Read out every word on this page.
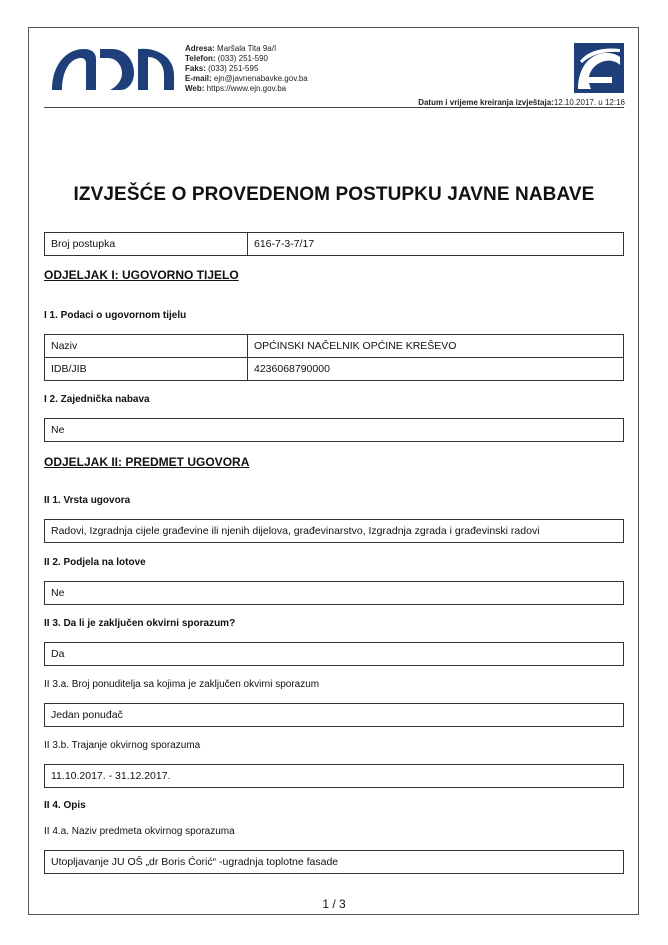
Adresa: Maršala Tita 9a/I
Telefon: (033) 251-590
Faks: (033) 251-595
E-mail: ejn@javnenabavke.gov.ba
Web: https://www.ejn.gov.ba
Datum i vrijeme kreiranja izvještaja:12.10.2017. u 12:16
IZVJEŠĆE O PROVEDENOM POSTUPKU JAVNE NABAVE
Broj postupka	616-7-3-7/17
ODJELJAK I: UGOVORNO TIJELO
I 1. Podaci o ugovornom tijelu
Naziv	OPĆINSKI NAČELNIK OPĆINE KREŠEVO
IDB/JIB	4236068790000
I 2. Zajednička nabava
Ne
ODJELJAK II: PREDMET UGOVORA
II 1. Vrsta ugovora
Radovi, Izgradnja cijele građevine ili njenih dijelova, građevinarstvo, Izgradnja zgrada i građevinski radovi
II 2. Podjela na lotove
Ne
II 3. Da li je zaključen okvirni sporazum?
Da
II 3.a. Broj ponuditelja sa kojima je zaključen okvirni sporazum
Jedan ponuđač
II 3.b. Trajanje okvirnog sporazuma
11.10.2017. - 31.12.2017.
II 4. Opis
II 4.a. Naziv predmeta okvirnog sporazuma
Utopljavanje JU OŠ „dr Boris Ćorić“ -ugradnja toplotne fasade
1 / 3
